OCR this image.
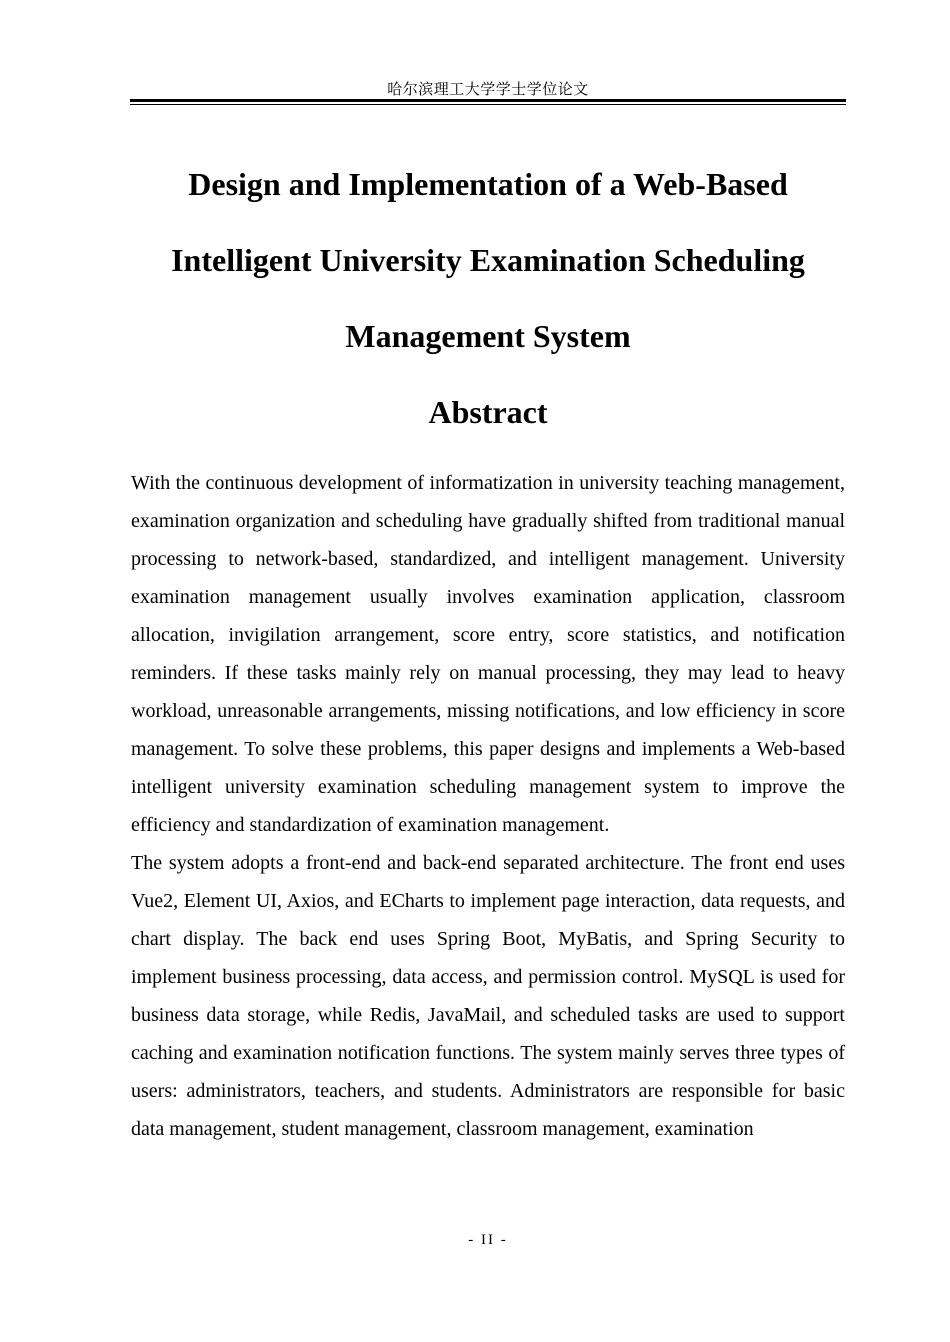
哈尔滨理工大学学士学位论文
Design and Implementation of a Web-Based Intelligent University Examination Scheduling Management System
Abstract

With the continuous development of informatization in university teaching management, examination organization and scheduling have gradually shifted from traditional manual processing to network-based, standardized, and intelligent management. University examination management usually involves examination application, classroom allocation, invigilation arrangement, score entry, score statistics, and notification reminders. If these tasks mainly rely on manual processing, they may lead to heavy workload, unreasonable arrangements, missing notifications, and low efficiency in score management. To solve these problems, this paper designs and implements a Web-based intelligent university examination scheduling management system to improve the efficiency and standardization of examination management.

The system adopts a front-end and back-end separated architecture. The front end uses Vue2, Element UI, Axios, and ECharts to implement page interaction, data requests, and chart display. The back end uses Spring Boot, MyBatis, and Spring Security to implement business processing, data access, and permission control. MySQL is used for business data storage, while Redis, JavaMail, and scheduled tasks are used to support caching and examination notification functions. The system mainly serves three types of users: administrators, teachers, and students. Administrators are responsible for basic data management, student management, classroom management, examination

- II -
